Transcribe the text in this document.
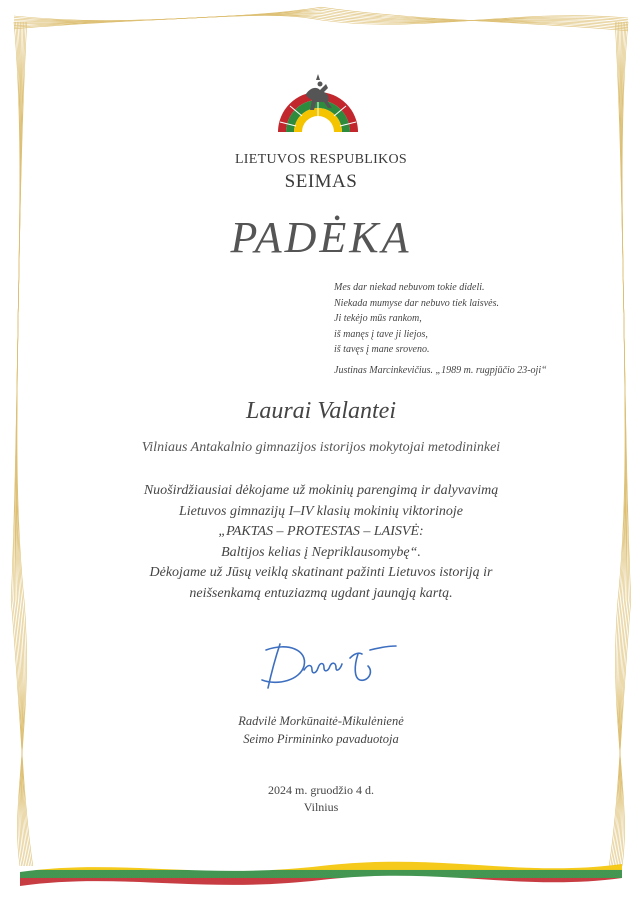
LIETUVOS RESPUBLIKOS
SEIMAS
PADĖKA
Mes dar niekad nebuvom tokie dideli.
Niekada mumyse dar nebuvo tiek laisvės.
Ji tekėjo mūs rankom,
iš manęs į tave ji liejos,
iš tavęs į mane sroveno.
Justinas Marcinkevičius. „1989 m. rugpjūčio 23-oji“
Laurai Valantei
Vilniaus Antakalnio gimnazijos istorijos mokytojai metodininkei
Nuoširdžiausiai dėkojame už mokinių parengimą ir dalyvavimą
Lietuvos gimnazijų I–IV klasių mokinių viktorinoje
„PAKTAS – PROTESTAS – LAISVĖ:
Baltijos kelias į Nepriklausomybę“.
Dėkojame už Jūsų veiklą skatinant pažinti Lietuvos istoriją ir
neišsenkamą entuziazmą ugdant jaunąją kartą.
Radvilė Morkūnaitė-Mikulėnienė
Seimo Pirmininko pavaduotoja
2024 m. gruodžio 4 d.
Vilnius
